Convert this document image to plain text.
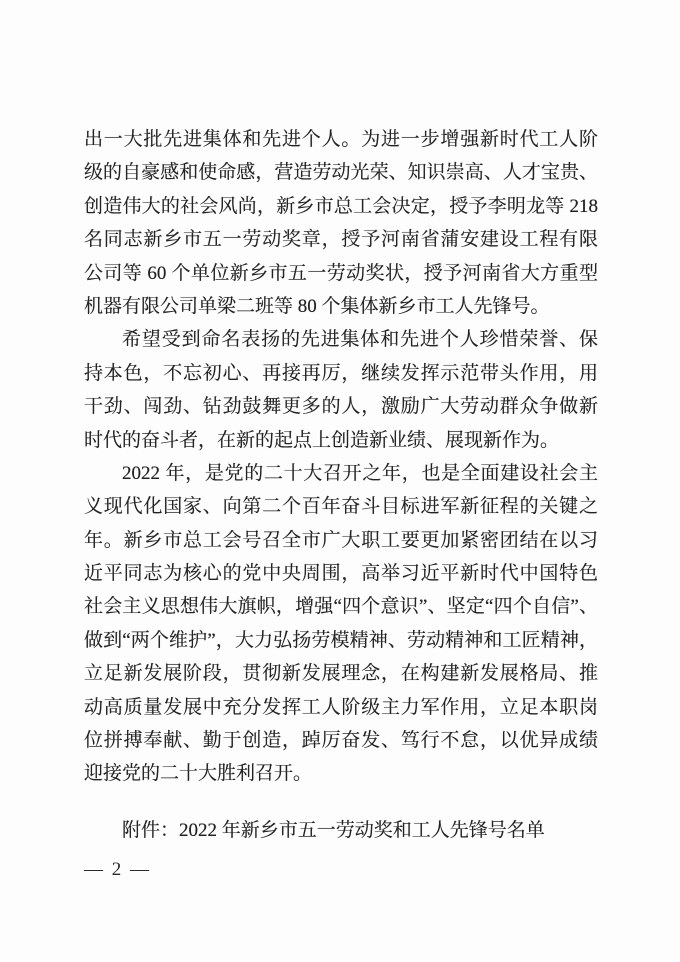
出一大批先进集体和先进个人。为进一步增强新时代工人阶
级的自豪感和使命感，营造劳动光荣、知识崇高、人才宝贵、
创造伟大的社会风尚，新乡市总工会决定，授予李明龙等 218
名同志新乡市五一劳动奖章，授予河南省蒲安建设工程有限
公司等 60 个单位新乡市五一劳动奖状，授予河南省大方重型
机器有限公司单梁二班等 80 个集体新乡市工人先锋号。
希望受到命名表扬的先进集体和先进个人珍惜荣誉、保
持本色，不忘初心、再接再厉，继续发挥示范带头作用，用
干劲、闯劲、钻劲鼓舞更多的人，激励广大劳动群众争做新
时代的奋斗者，在新的起点上创造新业绩、展现新作为。
2022 年，是党的二十大召开之年，也是全面建设社会主
义现代化国家、向第二个百年奋斗目标进军新征程的关键之
年。新乡市总工会号召全市广大职工要更加紧密团结在以习
近平同志为核心的党中央周围，高举习近平新时代中国特色
社会主义思想伟大旗帜，增强“四个意识”、坚定“四个自信”、
做到“两个维护”，大力弘扬劳模精神、劳动精神和工匠精神，
立足新发展阶段，贯彻新发展理念，在构建新发展格局、推
动高质量发展中充分发挥工人阶级主力军作用，立足本职岗
位拼搏奉献、勤于创造，踔厉奋发、笃行不怠，以优异成绩
迎接党的二十大胜利召开。
附件：2022 年新乡市五一劳动奖和工人先锋号名单
— 2 —
